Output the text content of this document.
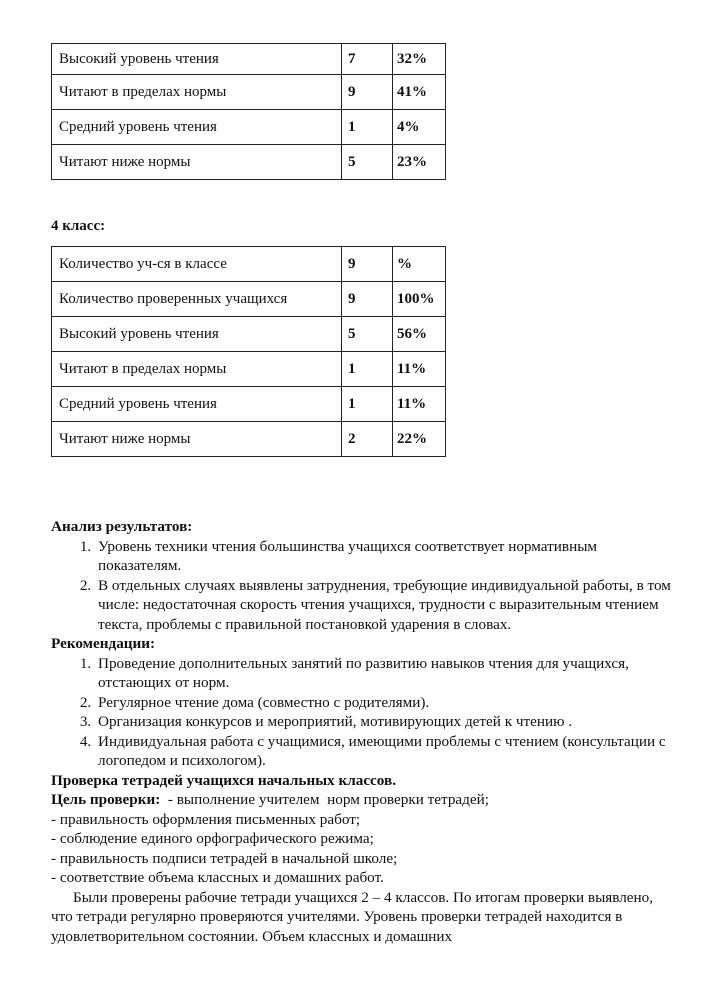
Высокий уровень чтения	7	32%
Читают в пределах нормы	9	41%
Средний уровень чтения	1	4%
Читают ниже нормы	5	23%
4 класс:
Количество уч-ся в классе	9	%
Количество проверенных учащихся	9	100%
Высокий уровень чтения	5	56%
Читают в пределах нормы	1	11%
Средний уровень чтения	1	11%
Читают ниже нормы	2	22%
Анализ результатов:
1. Уровень техники чтения большинства учащихся соответствует нормативным показателям.
2. В отдельных случаях выявлены затруднения, требующие индивидуальной работы, в том числе: недостаточная скорость чтения учащихся, трудности с выразительным чтением текста, проблемы с правильной постановкой ударения в словах.
Рекомендации:
1. Проведение дополнительных занятий по развитию навыков чтения для учащихся, отстающих от норм.
2. Регулярное чтение дома (совместно с родителями).
3. Организация конкурсов и мероприятий, мотивирующих детей к чтению .
4. Индивидуальная работа с учащимися, имеющими проблемы с чтением (консультации с логопедом и психологом).
Проверка тетрадей учащихся начальных классов.
Цель проверки:  - выполнение учителем  норм проверки тетрадей;
- правильность оформления письменных работ;
- соблюдение единого орфографического режима;
- правильность подписи тетрадей в начальной школе;
- соответствие объема классных и домашних работ.
Были проверены рабочие тетради учащихся 2 – 4 классов. По итогам проверки выявлено, что тетради регулярно проверяются учителями. Уровень проверки тетрадей находится в удовлетворительном состоянии. Объем классных и домашних
